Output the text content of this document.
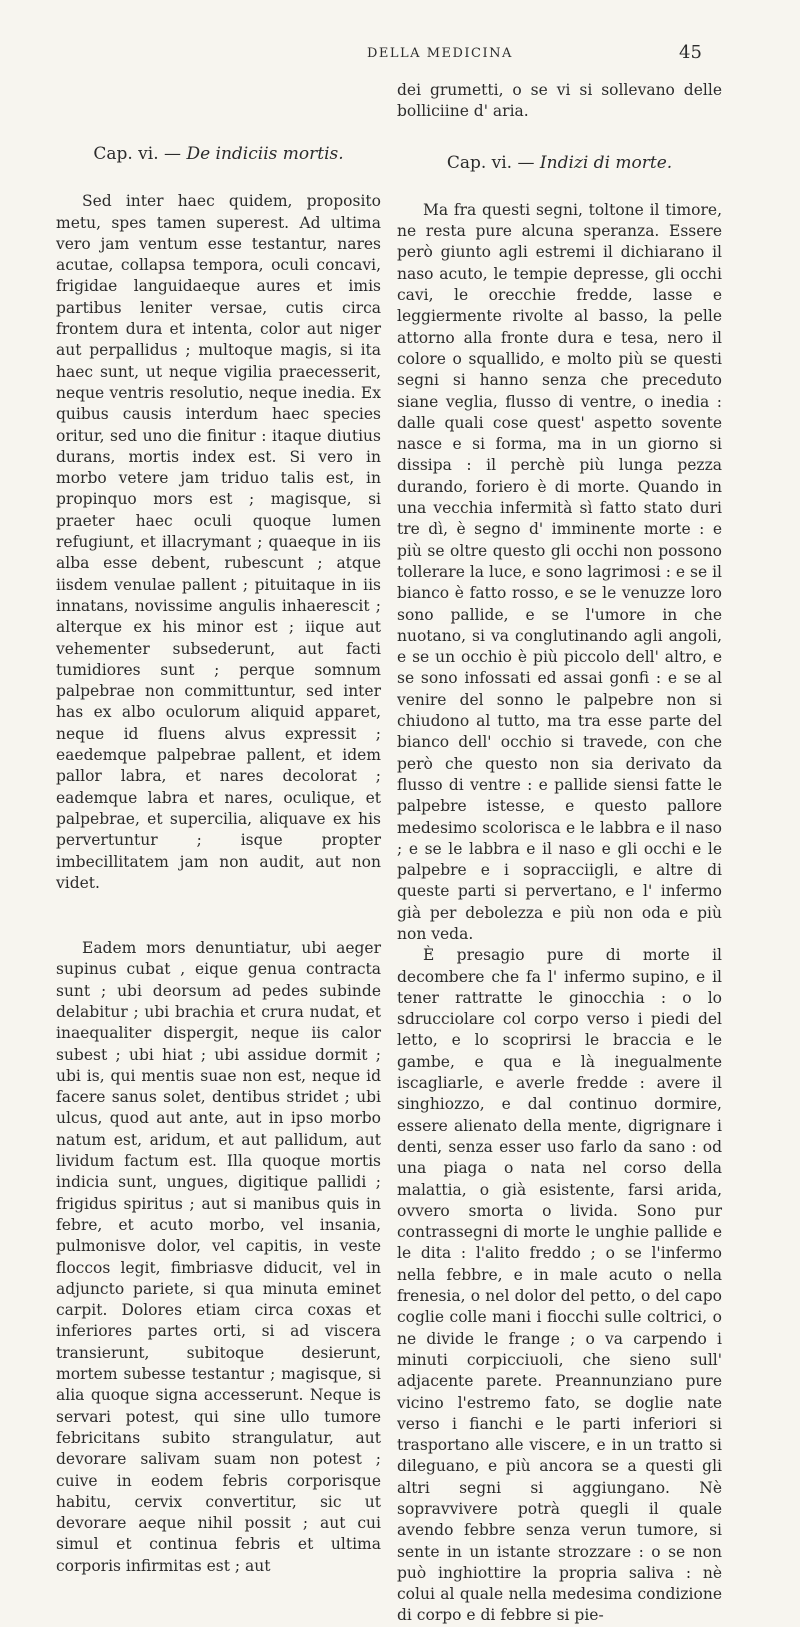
DELLA MEDICINA	45
Cap. vi. — De indiciis mortis.

Sed inter haec quidem, proposito metu, spes tamen superest. Ad ultima vero jam ventum esse testantur, nares acutae, collapsa tempora, oculi concavi, frigidae languidaeque aures et imis partibus leniter versae, cutis circa frontem dura et intenta, color aut niger aut perpallidus ; multoque magis, si ita haec sunt, ut neque vigilia praecesserit, neque ventris resolutio, neque inedia. Ex quibus causis interdum haec species oritur, sed uno die finitur : itaque diutius durans, mortis index est. Si vero in morbo vetere jam triduo talis est, in propinquo mors est ; magisque, si praeter haec oculi quoque lumen refugiunt, et illacrymant ; quaeque in iis alba esse debent, rubescunt ; atque iisdem venulae pallent ; pituitaque in iis innatans, novissime angulis inhaerescit ; alterque ex his minor est ; iique aut vehementer subsederunt, aut facti tumidiores sunt ; perque somnum palpebrae non committuntur, sed inter has ex albo oculorum aliquid apparet, neque id fluens alvus expressit ; eaedemque palpebrae pallent, et idem pallor labra, et nares decolorat ; eademque labra et nares, oculique, et palpebrae, et supercilia, aliquave ex his pervertuntur ; isque propter imbecillitatem jam non audit, aut non videt.

Eadem mors denuntiatur, ubi aeger supinus cubat , eique genua contracta sunt ; ubi deorsum ad pedes subinde delabitur ; ubi brachia et crura nudat, et inaequaliter dispergit, neque iis calor subest ; ubi hiat ; ubi assidue dormit ; ubi is, qui mentis suae non est, neque id facere sanus solet, dentibus stridet ; ubi ulcus, quod aut ante, aut in ipso morbo natum est, aridum, et aut pallidum, aut lividum factum est. Illa quoque mortis indicia sunt, ungues, digitique pallidi ; frigidus spiritus ; aut si manibus quis in febre, et acuto morbo, vel insania, pulmonisve dolor, vel capitis, in veste floccos legit, fimbriasve diducit, vel in adjuncto pariete, si qua minuta eminet carpit. Dolores etiam circa coxas et inferiores partes orti, si ad viscera transierunt, subitoque desierunt, mortem subesse testantur ; magisque, si alia quoque signa accesserunt. Neque is servari potest, qui sine ullo tumore febricitans subito strangulatur, aut devorare salivam suam non potest ; cuive in eodem febris corporisque habitu, cervix convertitur, sic ut devorare aeque nihil possit ; aut cui simul et continua febris et ultima corporis infirmitas est ; aut

dei grumetti, o se vi si sollevano delle bolliciine d' aria.

Cap. vi. — Indizi di morte.

Ma fra questi segni, toltone il timore, ne resta pure alcuna speranza. Essere però giunto agli estremi il dichiarano il naso acuto, le tempie depresse, gli occhi cavi, le orecchie fredde, lasse e leggiermente rivolte al basso, la pelle attorno alla fronte dura e tesa, nero il colore o squallido, e molto più se questi segni si hanno senza che preceduto siane veglia, flusso di ventre, o inedia : dalle quali cose quest' aspetto sovente nasce e si forma, ma in un giorno si dissipa : il perchè più lunga pezza durando, foriero è di morte. Quando in una vecchia infermità sì fatto stato duri tre dì, è segno d' imminente morte : e più se oltre questo gli occhi non possono tollerare la luce, e sono lagrimosi : e se il bianco è fatto rosso, e se le venuzze loro sono pallide, e se l'umore in che nuotano, si va conglutinando agli angoli, e se un occhio è più piccolo dell' altro, e se sono infossati ed assai gonfi : e se al venire del sonno le palpebre non si chiudono al tutto, ma tra esse parte del bianco dell' occhio si travede, con che però che questo non sia derivato da flusso di ventre : e pallide siensi fatte le palpebre istesse, e questo pallore medesimo scolorisca e le labbra e il naso ; e se le labbra e il naso e gli occhi e le palpebre e i sopracciigli, e altre di queste parti si pervertano, e l' infermo già per debolezza e più non oda e più non veda.

È presagio pure di morte il decombere che fa l' infermo supino, e il tener rattratte le ginocchia : o lo sdrucciolare col corpo verso i piedi del letto, e lo scoprirsi le braccia e le gambe, e qua e là inegualmente iscagliarle, e averle fredde : avere il singhiozzo, e dal continuo dormire, essere alienato della mente, digrignare i denti, senza esser uso farlo da sano : od una piaga o nata nel corso della malattia, o già esistente, farsi arida, ovvero smorta o livida. Sono pur contrassegni di morte le unghie pallide e le dita : l'alito freddo ; o se l'infermo nella febbre, e in male acuto o nella frenesia, o nel dolor del petto, o del capo coglie colle mani i fiocchi sulle coltrici, o ne divide le frange ; o va carpendo i minuti corpicciuoli, che sieno sull' adjacente parete. Preannunziano pure vicino l'estremo fato, se doglie nate verso i fianchi e le parti inferiori si trasportano alle viscere, e in un tratto si dileguano, e più ancora se a questi gli altri segni si aggiunganо. Nè sopravvivere potrà quegli il quale avendo febbre senza verun tumore, si sente in un istante strozzare : o se non può inghiottire la propria saliva : nè colui al quale nella medesima condizione di corpo e di febbre si pie-
